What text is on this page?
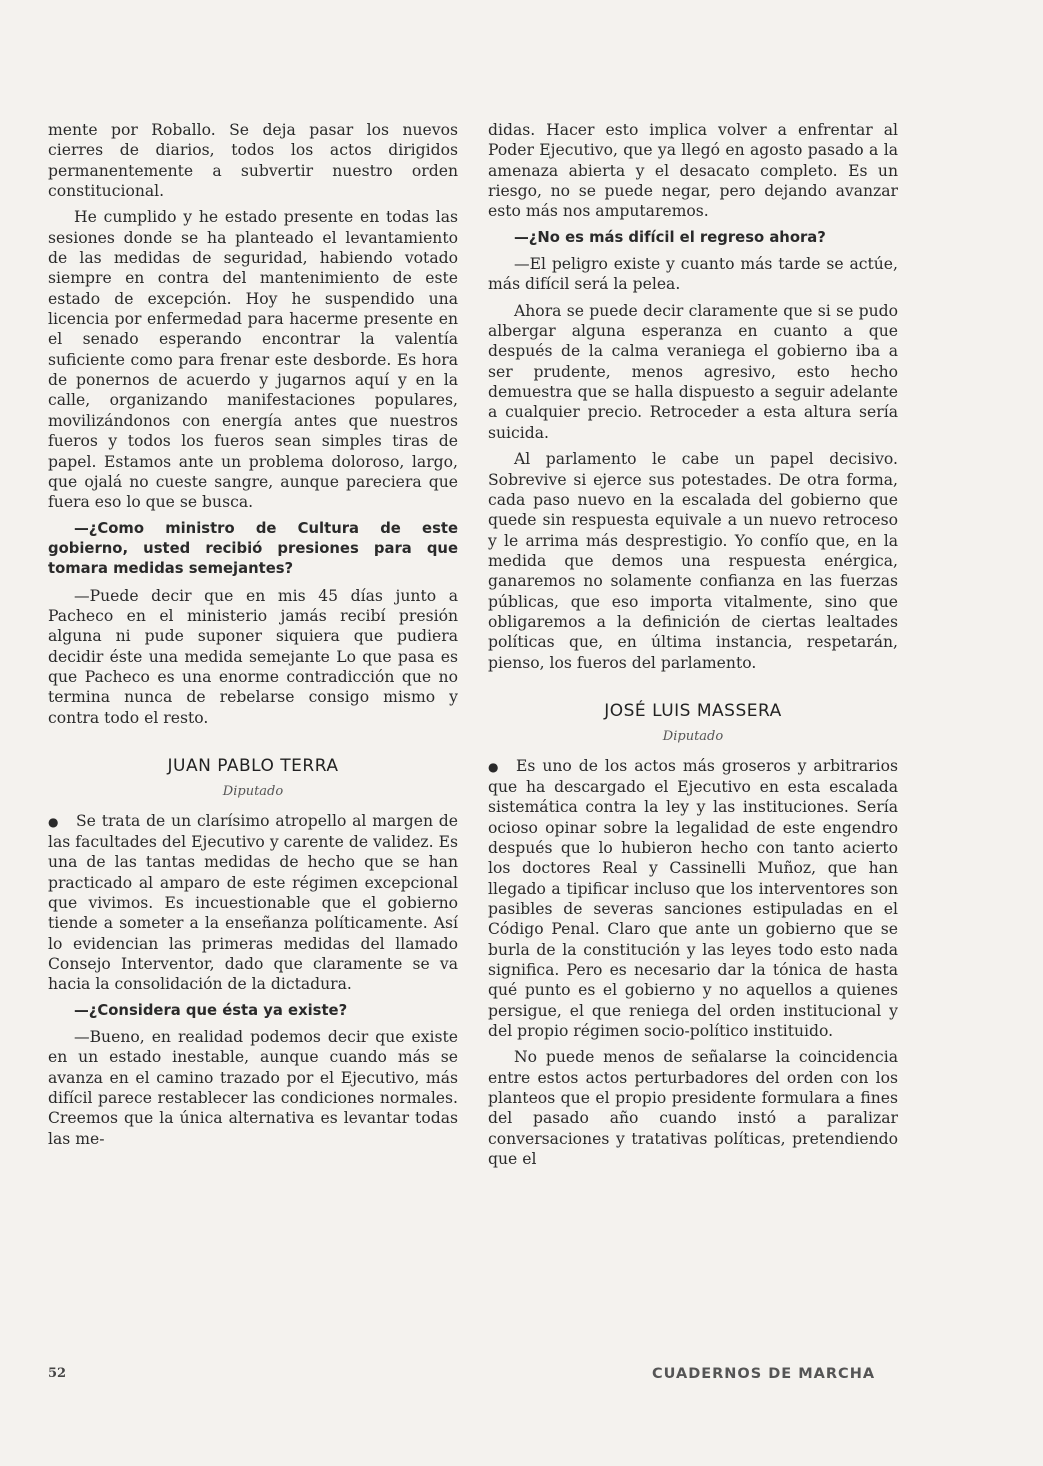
mente por Roballo. Se deja pasar los nuevos cierres de diarios, todos los actos dirigidos permanentemente a subvertir nuestro orden constitucional.

He cumplido y he estado presente en todas las sesiones donde se ha planteado el levantamiento de las medidas de seguridad, habiendo votado siempre en contra del mantenimiento de este estado de excepción. Hoy he suspendido una licencia por enfermedad para hacerme presente en el senado esperando encontrar la valentía suficiente como para frenar este desborde. Es hora de ponernos de acuerdo y jugarnos aquí y en la calle, organizando manifestaciones populares, movilizándonos con energía antes que nuestros fueros y todos los fueros sean simples tiras de papel. Estamos ante un problema doloroso, largo, que ojalá no cueste sangre, aunque pareciera que fuera eso lo que se busca.

—¿Como ministro de Cultura de este gobierno, usted recibió presiones para que tomara medidas semejantes?

—Puede decir que en mis 45 días junto a Pacheco en el ministerio jamás recibí presión alguna ni pude suponer siquiera que pudiera decidir éste una medida semejante Lo que pasa es que Pacheco es una enorme contradicción que no termina nunca de rebelarse consigo mismo y contra todo el resto.

JUAN PABLO TERRA
Diputado

● Se trata de un clarísimo atropello al margen de las facultades del Ejecutivo y carente de validez. Es una de las tantas medidas de hecho que se han practicado al amparo de este régimen excepcional que vivimos. Es incuestionable que el gobierno tiende a someter a la enseñanza políticamente. Así lo evidencian las primeras medidas del llamado Consejo Interventor, dado que claramente se va hacia la consolidación de la dictadura.

—¿Considera que ésta ya existe?

—Bueno, en realidad podemos decir que existe en un estado inestable, aunque cuando más se avanza en el camino trazado por el Ejecutivo, más difícil parece restablecer las condiciones normales. Creemos que la única alternativa es levantar todas las me-

didas. Hacer esto implica volver a enfrentar al Poder Ejecutivo, que ya llegó en agosto pasado a la amenaza abierta y el desacato completo. Es un riesgo, no se puede negar, pero dejando avanzar esto más nos amputaremos.

—¿No es más difícil el regreso ahora?

—El peligro existe y cuanto más tarde se actúe, más difícil será la pelea.

Ahora se puede decir claramente que si se pudo albergar alguna esperanza en cuanto a que después de la calma veraniega el gobierno iba a ser prudente, menos agresivo, esto hecho demuestra que se halla dispuesto a seguir adelante a cualquier precio. Retroceder a esta altura sería suicida.

Al parlamento le cabe un papel decisivo. Sobrevive si ejerce sus potestades. De otra forma, cada paso nuevo en la escalada del gobierno que quede sin respuesta equivale a un nuevo retroceso y le arrima más desprestigio. Yo confío que, en la medida que demos una respuesta enérgica, ganaremos no solamente confianza en las fuerzas públicas, que eso importa vitalmente, sino que obligaremos a la definición de ciertas lealtades políticas que, en última instancia, respetarán, pienso, los fueros del parlamento.

JOSÉ LUIS MASSERA
Diputado

● Es uno de los actos más groseros y arbitrarios que ha descargado el Ejecutivo en esta escalada sistemática contra la ley y las instituciones. Sería ocioso opinar sobre la legalidad de este engendro después que lo hubieron hecho con tanto acierto los doctores Real y Cassinelli Muñoz, que han llegado a tipificar incluso que los interventores son pasibles de severas sanciones estipuladas en el Código Penal. Claro que ante un gobierno que se burla de la constitución y las leyes todo esto nada significa. Pero es necesario dar la tónica de hasta qué punto es el gobierno y no aquellos a quienes persigue, el que reniega del orden institucional y del propio régimen socio-político instituido.

No puede menos de señalarse la coincidencia entre estos actos perturbadores del orden con los planteos que el propio presidente formulara a fines del pasado año cuando instó a paralizar conversaciones y tratativas políticas, pretendiendo que el

52	CUADERNOS DE MARCHA
